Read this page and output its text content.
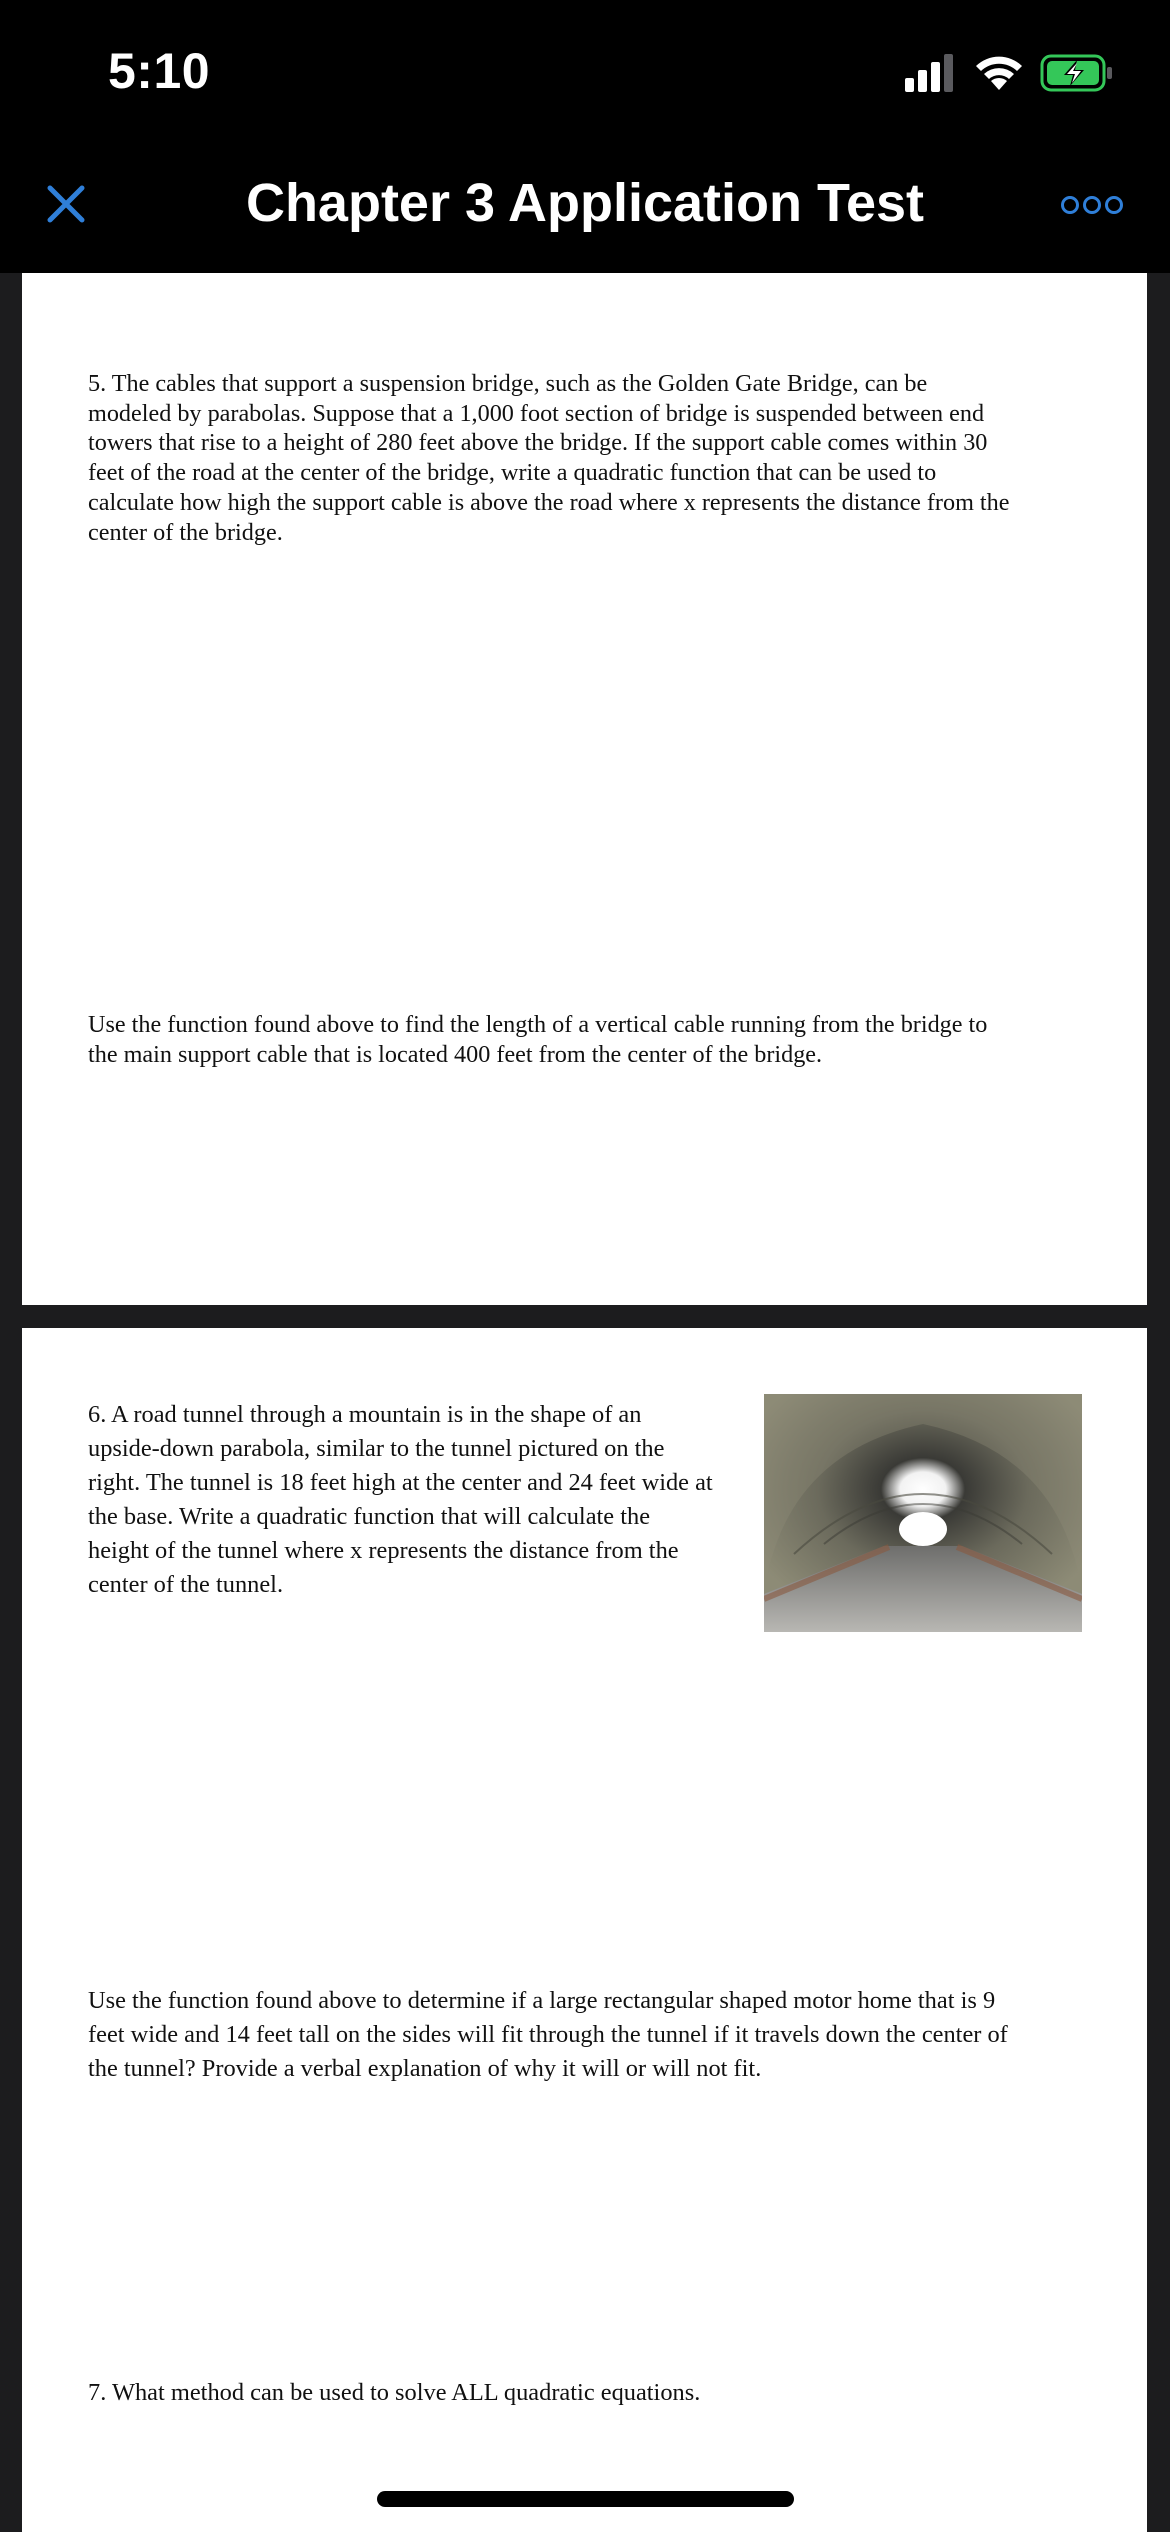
5:10
Chapter 3 Application Test
5. The cables that support a suspension bridge, such as the Golden Gate Bridge, can be
modeled by parabolas. Suppose that a 1,000 foot section of bridge is suspended between end
towers that rise to a height of 280 feet above the bridge. If the support cable comes within 30
feet of the road at the center of the bridge, write a quadratic function that can be used to
calculate how high the support cable is above the road where x represents the distance from the
center of the bridge.
Use the function found above to find the length of a vertical cable running from the bridge to
the main support cable that is located 400 feet from the center of the bridge.
6. A road tunnel through a mountain is in the shape of an
upside-down parabola, similar to the tunnel pictured on the
right. The tunnel is 18 feet high at the center and 24 feet wide at
the base. Write a quadratic function that will calculate the
height of the tunnel where x represents the distance from the
center of the tunnel.
Use the function found above to determine if a large rectangular shaped motor home that is 9
feet wide and 14 feet tall on the sides will fit through the tunnel if it travels down the center of
the tunnel? Provide a verbal explanation of why it will or will not fit.
7. What method can be used to solve ALL quadratic equations.
